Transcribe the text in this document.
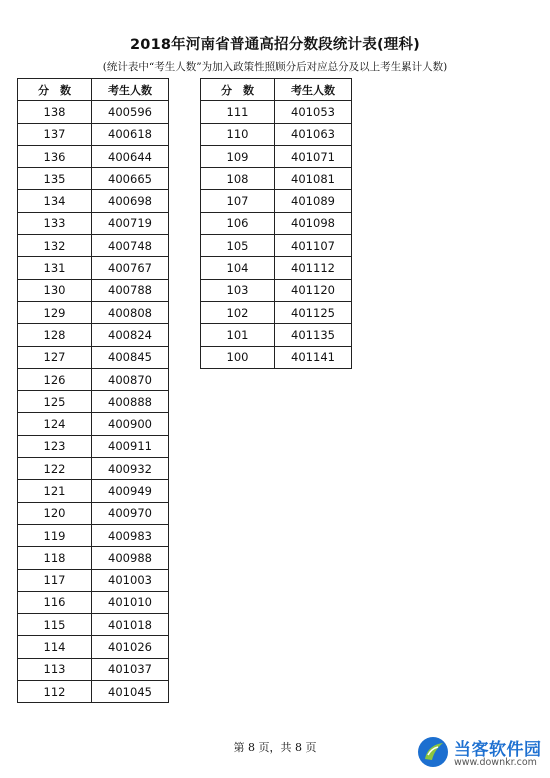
2018年河南省普通高招分数段统计表(理科)
(统计表中“考生人数”为加入政策性照顾分后对应总分及以上考生累计人数)
分　数	考生人数
138	400596
137	400618
136	400644
135	400665
134	400698
133	400719
132	400748
131	400767
130	400788
129	400808
128	400824
127	400845
126	400870
125	400888
124	400900
123	400911
122	400932
121	400949
120	400970
119	400983
118	400988
117	401003
116	401010
115	401018
114	401026
113	401037
112	401045
分　数	考生人数
111	401053
110	401063
109	401071
108	401081
107	401089
106	401098
105	401107
104	401112
103	401120
102	401125
101	401135
100	401141
第 8 页，共 8 页	当客软件园
www.downkr.com
